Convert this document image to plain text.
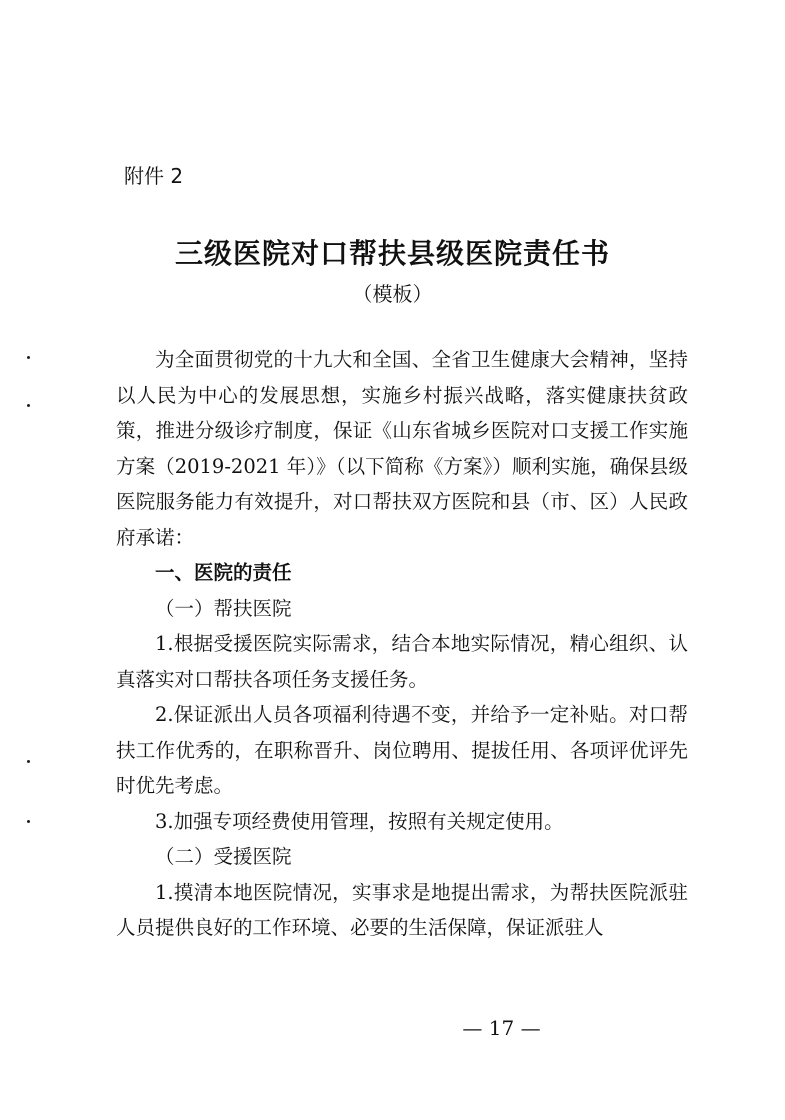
附件 2
三级医院对口帮扶县级医院责任书
（模板）

为全面贯彻党的十九大和全国、全省卫生健康大会精神，坚持以人民为中心的发展思想，实施乡村振兴战略，落实健康扶贫政策，推进分级诊疗制度，保证《山东省城乡医院对口支援工作实施方案（2019-2021 年）》（以下简称《方案》）顺利实施，确保县级医院服务能力有效提升，对口帮扶双方医院和县（市、区）人民政府承诺：

一、医院的责任

（一）帮扶医院

1.根据受援医院实际需求，结合本地实际情况，精心组织、认真落实对口帮扶各项任务支援任务。

2.保证派出人员各项福利待遇不变，并给予一定补贴。对口帮扶工作优秀的，在职称晋升、岗位聘用、提拔任用、各项评优评先时优先考虑。

3.加强专项经费使用管理，按照有关规定使用。

（二）受援医院

1.摸清本地医院情况，实事求是地提出需求，为帮扶医院派驻人员提供良好的工作环境、必要的生活保障，保证派驻人

— 17 —
